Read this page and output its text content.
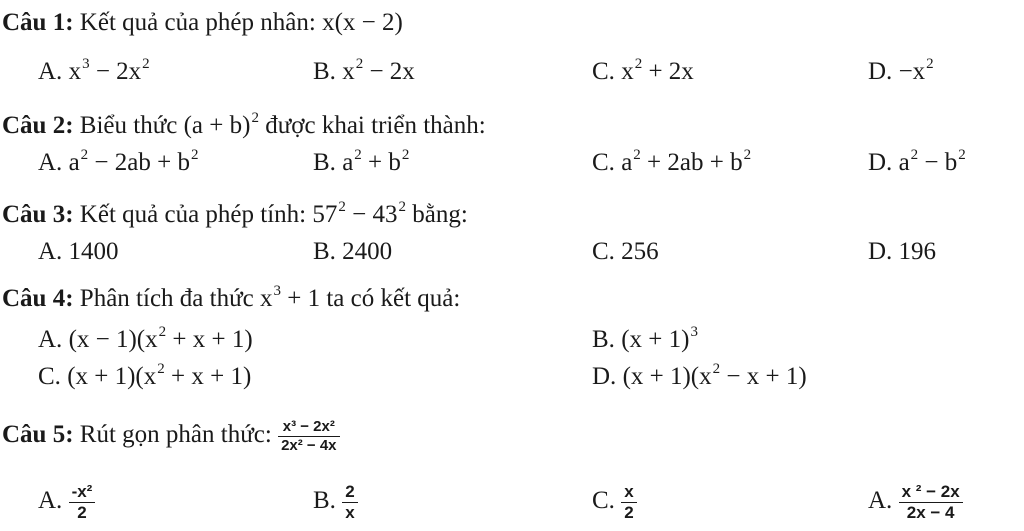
Câu 1: Kết quả của phép nhân: x(x − 2)
A. $x^3 - 2x^2$	B. $x^2 - 2x$	C. $x^2 + 2x$	D. $-x^2$
Câu 2: Biểu thức $(a + b)^2$ được khai triển thành:
A. $a^2 - 2ab + b^2$	B. $a^2 + b^2$	C. $a^2 + 2ab + b^2$	D. $a^2 - b^2$
Câu 3: Kết quả của phép tính: $57^2 - 43^2$ bằng:
A. 1400	B. 2400	C. 256	D. 196
Câu 4: Phân tích đa thức $x^3 + 1$ ta có kết quả:
A. $(x - 1)(x^2 + x + 1)$	B. $(x + 1)^3$
C. $(x + 1)(x^2 + x + 1)$	D. $(x + 1)(x^2 - x + 1)$
Câu 5: Rút gọn phân thức: $\frac{\text{x³ − 2x²}}{\text{2x² − 4x}}$
A. $\frac{\text{-x²}}{2}$	B. $\frac{2}{x}$	C. $\frac{x}{2}$	A. $\frac{\text{x ² − 2x}}{2x - 4}$
